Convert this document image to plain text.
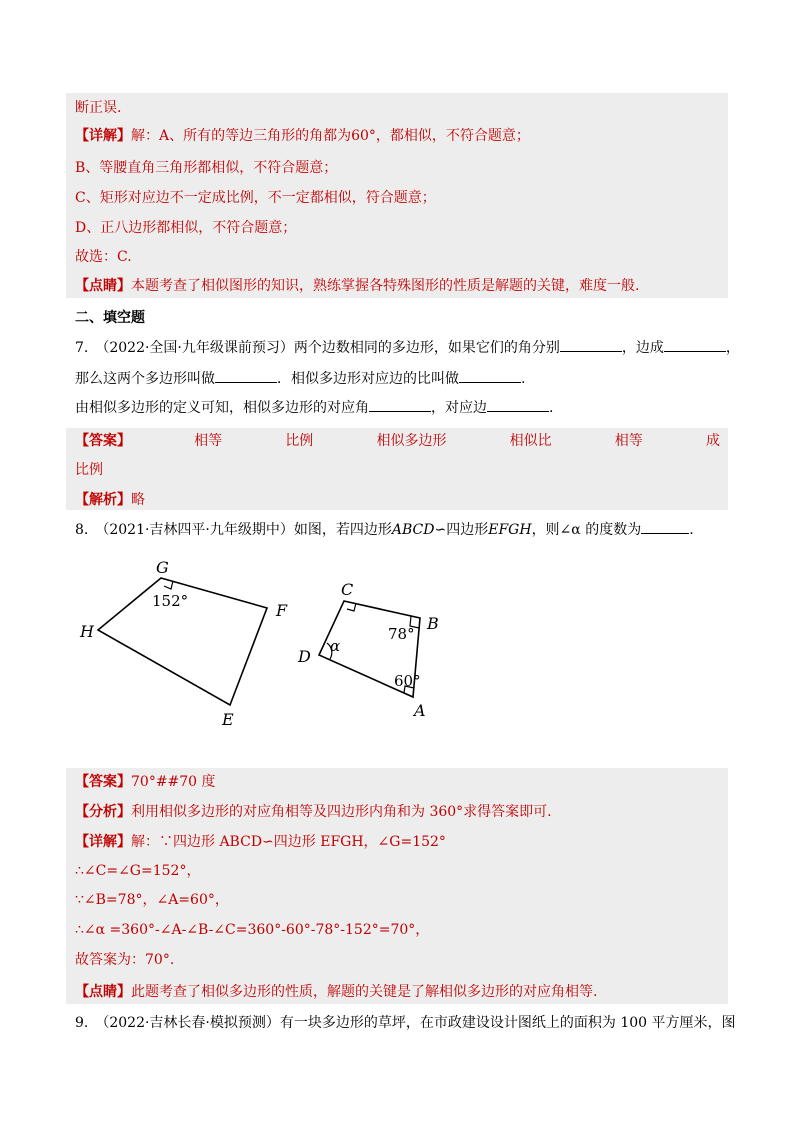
断正误.
【详解】解：A、所有的等边三角形的角都为60°，都相似，不符合题意；
B、等腰直角三角形都相似，不符合题意；
C、矩形对应边不一定成比例，不一定都相似，符合题意；
D、正八边形都相似，不符合题意；
故选：C.
【点睛】本题考查了相似图形的知识，熟练掌握各特殊图形的性质是解题的关键，难度一般.
二、填空题
7.　（2022·全国·九年级课前预习）两个边数相同的多边形，如果它们的角分别	，边成	，
那么这两个多边形叫做	．相似多边形对应边的比叫做	.
由相似多边形的定义可知，相似多边形的对应角	，对应边	.
【答案】	相等	比例	相似多边形	相似比	相等	成
比例
【解析】略
8.　（2021·吉林四平·九年级期中）如图，若四边形ABCD∽四边形EFGH，则∠α 的度数为	.
G
F
H
E
152°
C
B
D
A
α
78°
60°
【答案】70°##70 度
【分析】利用相似多边形的对应角相等及四边形内角和为 360°求得答案即可.
【详解】解：∵四边形 ABCD∽四边形 EFGH，∠G=152°
∴∠C=∠G=152°，
∵∠B=78°，∠A=60°，
∴∠α =360°-∠A-∠B-∠C=360°-60°-78°-152°=70°，
故答案为：70°.
【点睛】此题考查了相似多边形的性质，解题的关键是了解相似多边形的对应角相等.
9.　（2022·吉林长春·模拟预测）有一块多边形的草坪，在市政建设设计图纸上的面积为 100 平方厘米，图
